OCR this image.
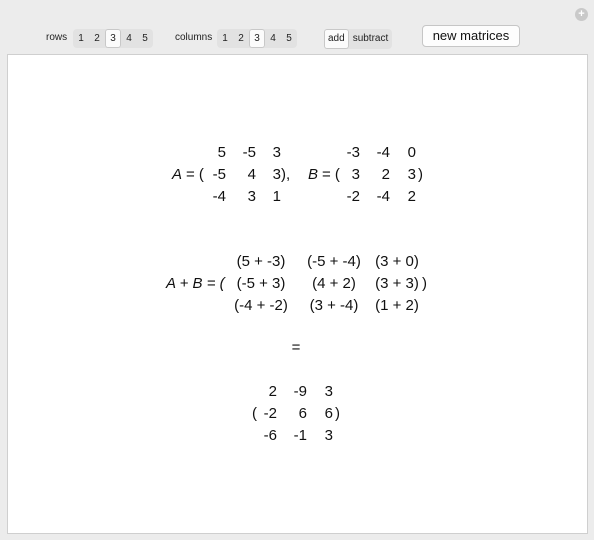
+
rows	1	2	3	4	5	columns 1	2	3	4	5	add subtract	new matrices
A = (
5 -5 3
-5 4 3
-4 3 1
), B = (
-3 -4 0
3 2 3
-2 -4 2
)
A + B = (
(5 + -3) (-5 + -4) (3 + 0)
(-5 + 3) (4 + 2) (3 + 3)
(-4 + -2) (3 + -4) (1 + 2)
)
=
(
2 -9 3
-2 6 6
-6 -1 3
)
